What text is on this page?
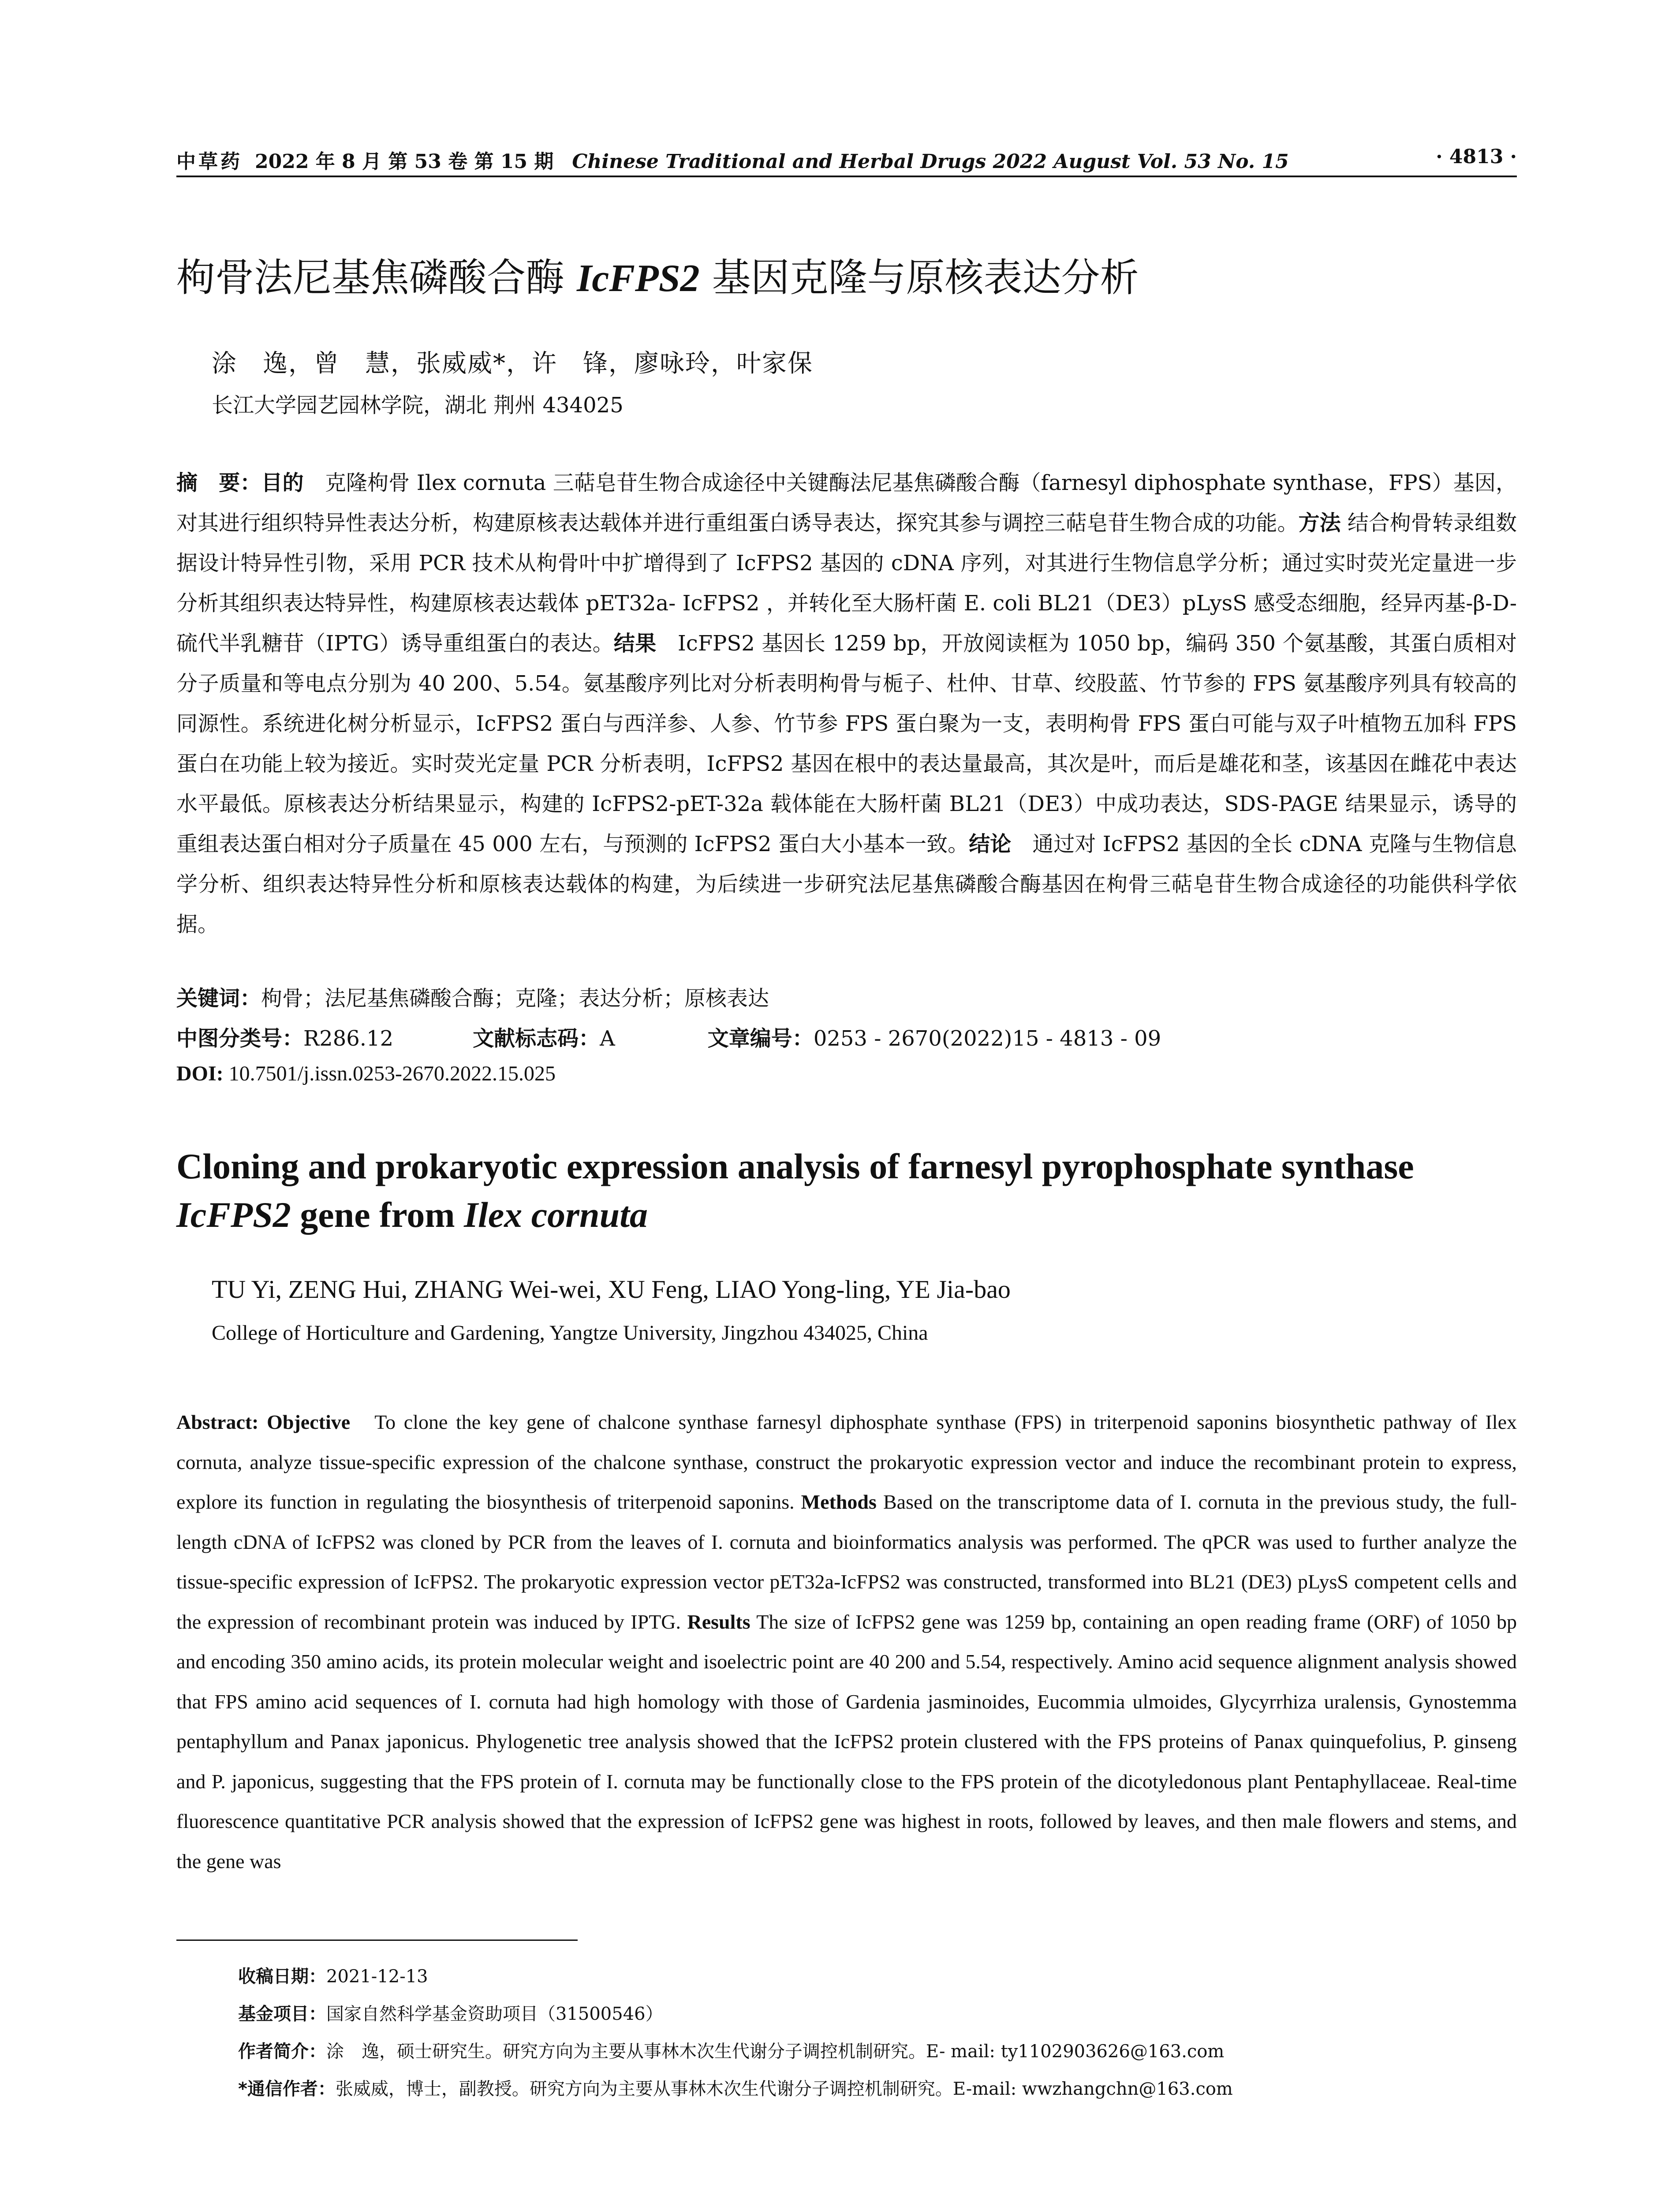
中草药 2022 年 8 月 第 53 卷 第 15 期 Chinese Traditional and Herbal Drugs 2022 August Vol. 53 No. 15	· 4813 ·
枸骨法尼基焦磷酸合酶 IcFPS2 基因克隆与原核表达分析
涂　逸，曾　慧，张威威*，许　锋，廖咏玲，叶家保
长江大学园艺园林学院，湖北 荆州 434025
摘　要：目的　克隆枸骨 Ilex cornuta 三萜皂苷生物合成途径中关键酶法尼基焦磷酸合酶（farnesyl diphosphate synthase，FPS）基因，对其进行组织特异性表达分析，构建原核表达载体并进行重组蛋白诱导表达，探究其参与调控三萜皂苷生物合成的功能。方法 结合枸骨转录组数据设计特异性引物，采用 PCR 技术从枸骨叶中扩增得到了 IcFPS2 基因的 cDNA 序列，对其进行生物信息学分析；通过实时荧光定量进一步分析其组织表达特异性，构建原核表达载体 pET32a- IcFPS2 ，并转化至大肠杆菌 E. coli BL21（DE3）pLysS 感受态细胞，经异丙基-β-D-硫代半乳糖苷（IPTG）诱导重组蛋白的表达。结果　IcFPS2 基因长 1259 bp，开放阅读框为 1050 bp，编码 350 个氨基酸，其蛋白质相对分子质量和等电点分别为 40 200、5.54。氨基酸序列比对分析表明枸骨与栀子、杜仲、甘草、绞股蓝、竹节参的 FPS 氨基酸序列具有较高的同源性。系统进化树分析显示，IcFPS2 蛋白与西洋参、人参、竹节参 FPS 蛋白聚为一支，表明枸骨 FPS 蛋白可能与双子叶植物五加科 FPS 蛋白在功能上较为接近。实时荧光定量 PCR 分析表明，IcFPS2 基因在根中的表达量最高，其次是叶，而后是雄花和茎，该基因在雌花中表达水平最低。原核表达分析结果显示，构建的 IcFPS2-pET-32a 载体能在大肠杆菌 BL21（DE3）中成功表达，SDS-PAGE 结果显示，诱导的重组表达蛋白相对分子质量在 45 000 左右，与预测的 IcFPS2 蛋白大小基本一致。结论　通过对 IcFPS2 基因的全长 cDNA 克隆与生物信息学分析、组织表达特异性分析和原核表达载体的构建，为后续进一步研究法尼基焦磷酸合酶基因在枸骨三萜皂苷生物合成途径的功能供科学依据。
关键词：枸骨；法尼基焦磷酸合酶；克隆；表达分析；原核表达
中图分类号：R286.12	文献标志码：A	文章编号：0253 - 2670(2022)15 - 4813 - 09
DOI: 10.7501/j.issn.0253-2670.2022.15.025
Cloning and prokaryotic expression analysis of farnesyl pyrophosphate synthase
IcFPS2 gene from Ilex cornuta
TU Yi, ZENG Hui, ZHANG Wei-wei, XU Feng, LIAO Yong-ling, YE Jia-bao
College of Horticulture and Gardening, Yangtze University, Jingzhou 434025, China
Abstract: Objective   To clone the key gene of chalcone synthase farnesyl diphosphate synthase (FPS) in triterpenoid saponins biosynthetic pathway of Ilex cornuta, analyze tissue-specific expression of the chalcone synthase, construct the prokaryotic expression vector and induce the recombinant protein to express, explore its function in regulating the biosynthesis of triterpenoid saponins. Methods Based on the transcriptome data of I. cornuta in the previous study, the full-length cDNA of IcFPS2 was cloned by PCR from the leaves of I. cornuta and bioinformatics analysis was performed. The qPCR was used to further analyze the tissue-specific expression of IcFPS2. The prokaryotic expression vector pET32a-IcFPS2 was constructed, transformed into BL21 (DE3) pLysS competent cells and the expression of recombinant protein was induced by IPTG. Results The size of IcFPS2 gene was 1259 bp, containing an open reading frame (ORF) of 1050 bp and encoding 350 amino acids, its protein molecular weight and isoelectric point are 40 200 and 5.54, respectively. Amino acid sequence alignment analysis showed that FPS amino acid sequences of I. cornuta had high homology with those of Gardenia jasminoides, Eucommia ulmoides, Glycyrrhiza uralensis, Gynostemma pentaphyllum and Panax japonicus. Phylogenetic tree analysis showed that the IcFPS2 protein clustered with the FPS proteins of Panax quinquefolius, P. ginseng and P. japonicus, suggesting that the FPS protein of I. cornuta may be functionally close to the FPS protein of the dicotyledonous plant Pentaphyllaceae. Real-time fluorescence quantitative PCR analysis showed that the expression of IcFPS2 gene was highest in roots, followed by leaves, and then male flowers and stems, and the gene was
收稿日期：2021-12-13
基金项目：国家自然科学基金资助项目（31500546）
作者简介：涂　逸，硕士研究生。研究方向为主要从事林木次生代谢分子调控机制研究。E- mail: ty1102903626@163.com
*通信作者：张威威，博士，副教授。研究方向为主要从事林木次生代谢分子调控机制研究。E-mail: wwzhangchn@163.com
